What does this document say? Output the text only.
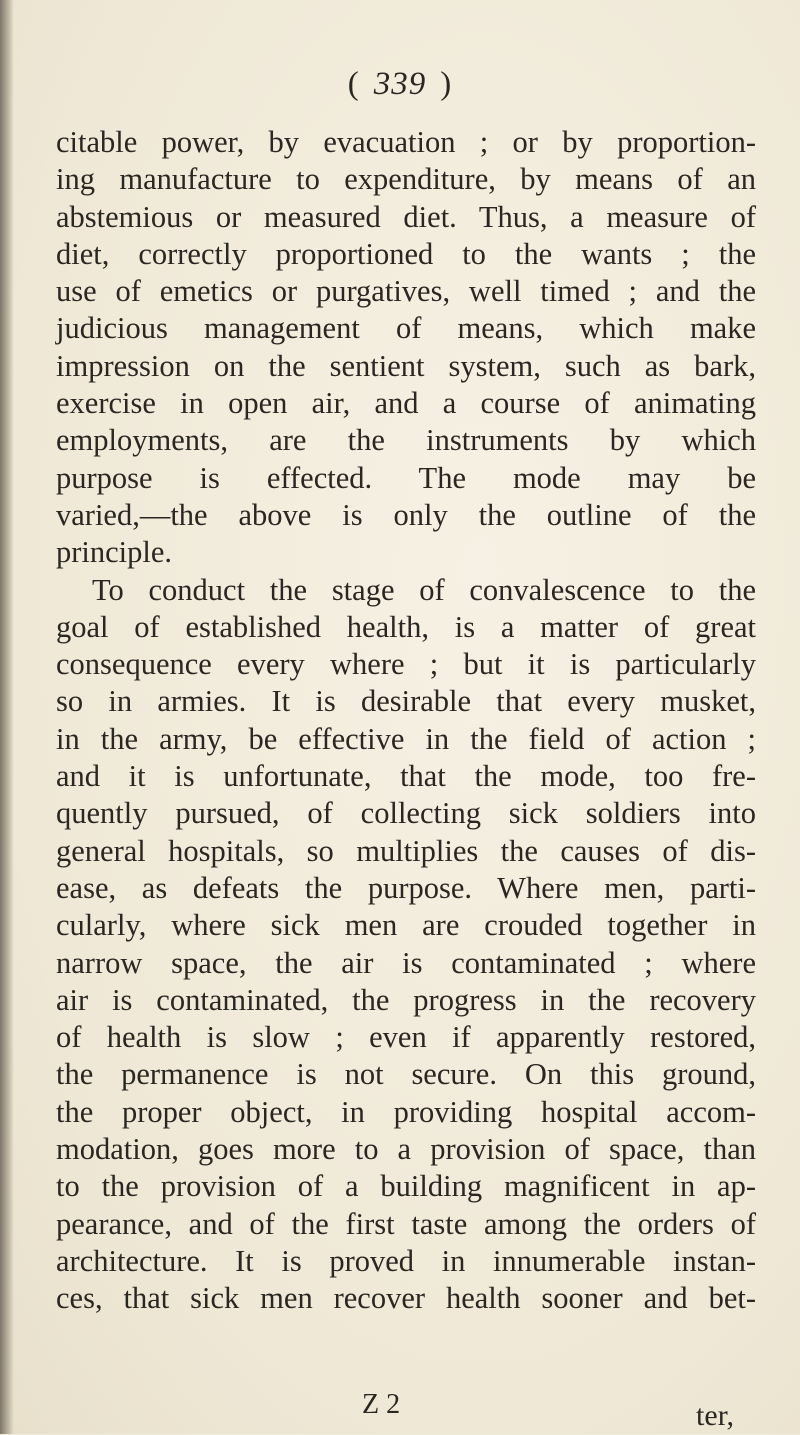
( 339 )
citable power, by evacuation ; or by proportion-
ing manufacture to expenditure, by means of an
abstemious or measured diet. Thus, a measure of
diet, correctly proportioned to the wants ; the
use of emetics or purgatives, well timed ; and the
judicious management of means, which make
impression on the sentient system, such as bark,
exercise in open air, and a course of animating
employments, are the instruments by which
purpose is effected. The mode may be
varied,—the above is only the outline of the
principle.
To conduct the stage of convalescence to the
goal of established health, is a matter of great
consequence every where ; but it is particularly
so in armies. It is desirable that every musket,
in the army, be effective in the field of action ;
and it is unfortunate, that the mode, too fre-
quently pursued, of collecting sick soldiers into
general hospitals, so multiplies the causes of dis-
ease, as defeats the purpose. Where men, parti-
cularly, where sick men are crouded together in
narrow space, the air is contaminated ; where
air is contaminated, the progress in the recovery
of health is slow ; even if apparently restored,
the permanence is not secure. On this ground,
the proper object, in providing hospital accom-
modation, goes more to a provision of space, than
to the provision of a building magnificent in ap-
pearance, and of the first taste among the orders of
architecture. It is proved in innumerable instan-
ces, that sick men recover health sooner and bet-
Z 2	ter,
